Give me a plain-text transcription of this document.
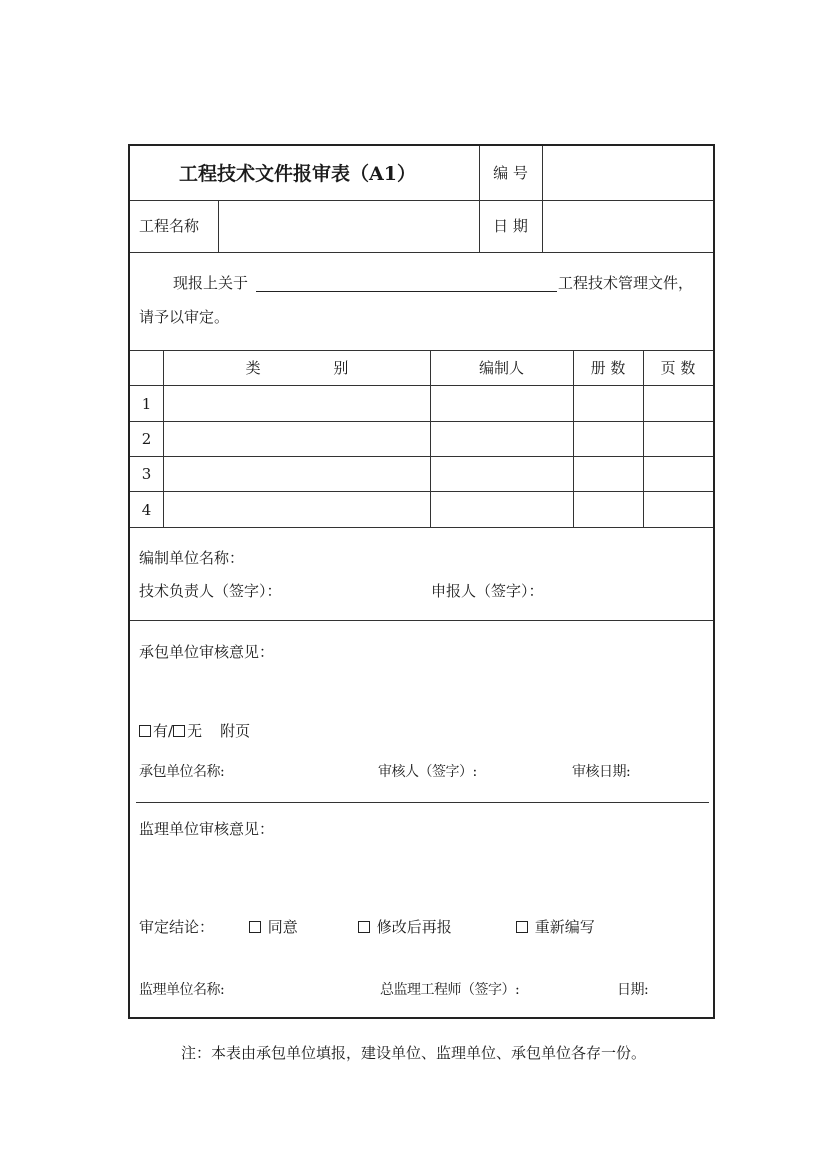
工程技术文件报审表（A1）	编 号
工程名称	日 期
现报上关于	工程技术管理文件，
请予以审定。
类 别	编制人	册 数	页 数
1
2
3
4
编制单位名称：
技术负责人（签字）：	申报人（签字）：
承包单位审核意见：
有/ 无 附页
承包单位名称:	审核人（签字）:	审核日期:
监理单位审核意见：
审定结论：	同意	修改后再报	重新编写
监理单位名称:	总监理工程师（签字）:	日期:
注：本表由承包单位填报，建设单位、监理单位、承包单位各存一份。
